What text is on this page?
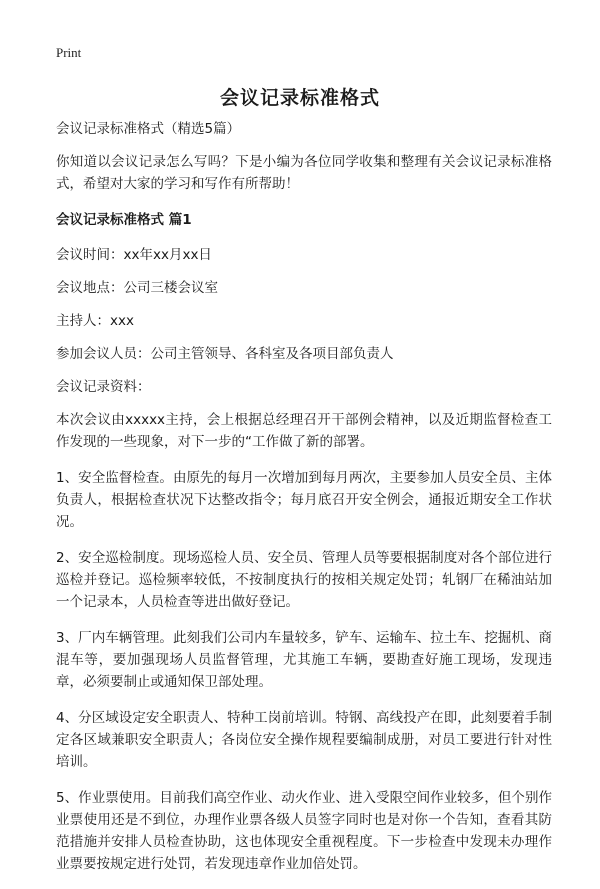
Print
会议记录标准格式

会议记录标准格式（精选5篇）

你知道以会议记录怎么写吗？下是小编为各位同学收集和整理有关会议记录标准格式，希望对大家的学习和写作有所帮助！

会议记录标准格式 篇1

会议时间：xx年xx月xx日

会议地点：公司三楼会议室

主持人：xxx

参加会议人员：公司主管领导、各科室及各项目部负责人

会议记录资料：

本次会议由xxxxx主持，会上根据总经理召开干部例会精神，以及近期监督检查工作发现的一些现象，对下一步的“工作做了新的部署。

1、安全监督检查。由原先的每月一次增加到每月两次，主要参加人员安全员、主体负责人，根据检查状况下达整改指令；每月底召开安全例会，通报近期安全工作状况。

2、安全巡检制度。现场巡检人员、安全员、管理人员等要根据制度对各个部位进行巡检并登记。巡检频率较低，不按制度执行的按相关规定处罚；轧钢厂在稀油站加一个记录本，人员检查等进出做好登记。

3、厂内车辆管理。此刻我们公司内车量较多，铲车、运输车、拉土车、挖掘机、商混车等，要加强现场人员监督管理，尤其施工车辆，要勘查好施工现场，发现违章，必须要制止或通知保卫部处理。

4、分区域设定安全职责人、特种工岗前培训。特钢、高线投产在即，此刻要着手制定各区域兼职安全职责人；各岗位安全操作规程要编制成册，对员工要进行针对性培训。

5、作业票使用。目前我们高空作业、动火作业、进入受限空间作业较多，但个别作业票使用还是不到位，办理作业票各级人员签字同时也是对你一个告知，查看其防范措施并安排人员检查协助，这也体现安全重视程度。下一步检查中发现未办理作业票要按规定进行处罚，若发现违章作业加倍处罚。
